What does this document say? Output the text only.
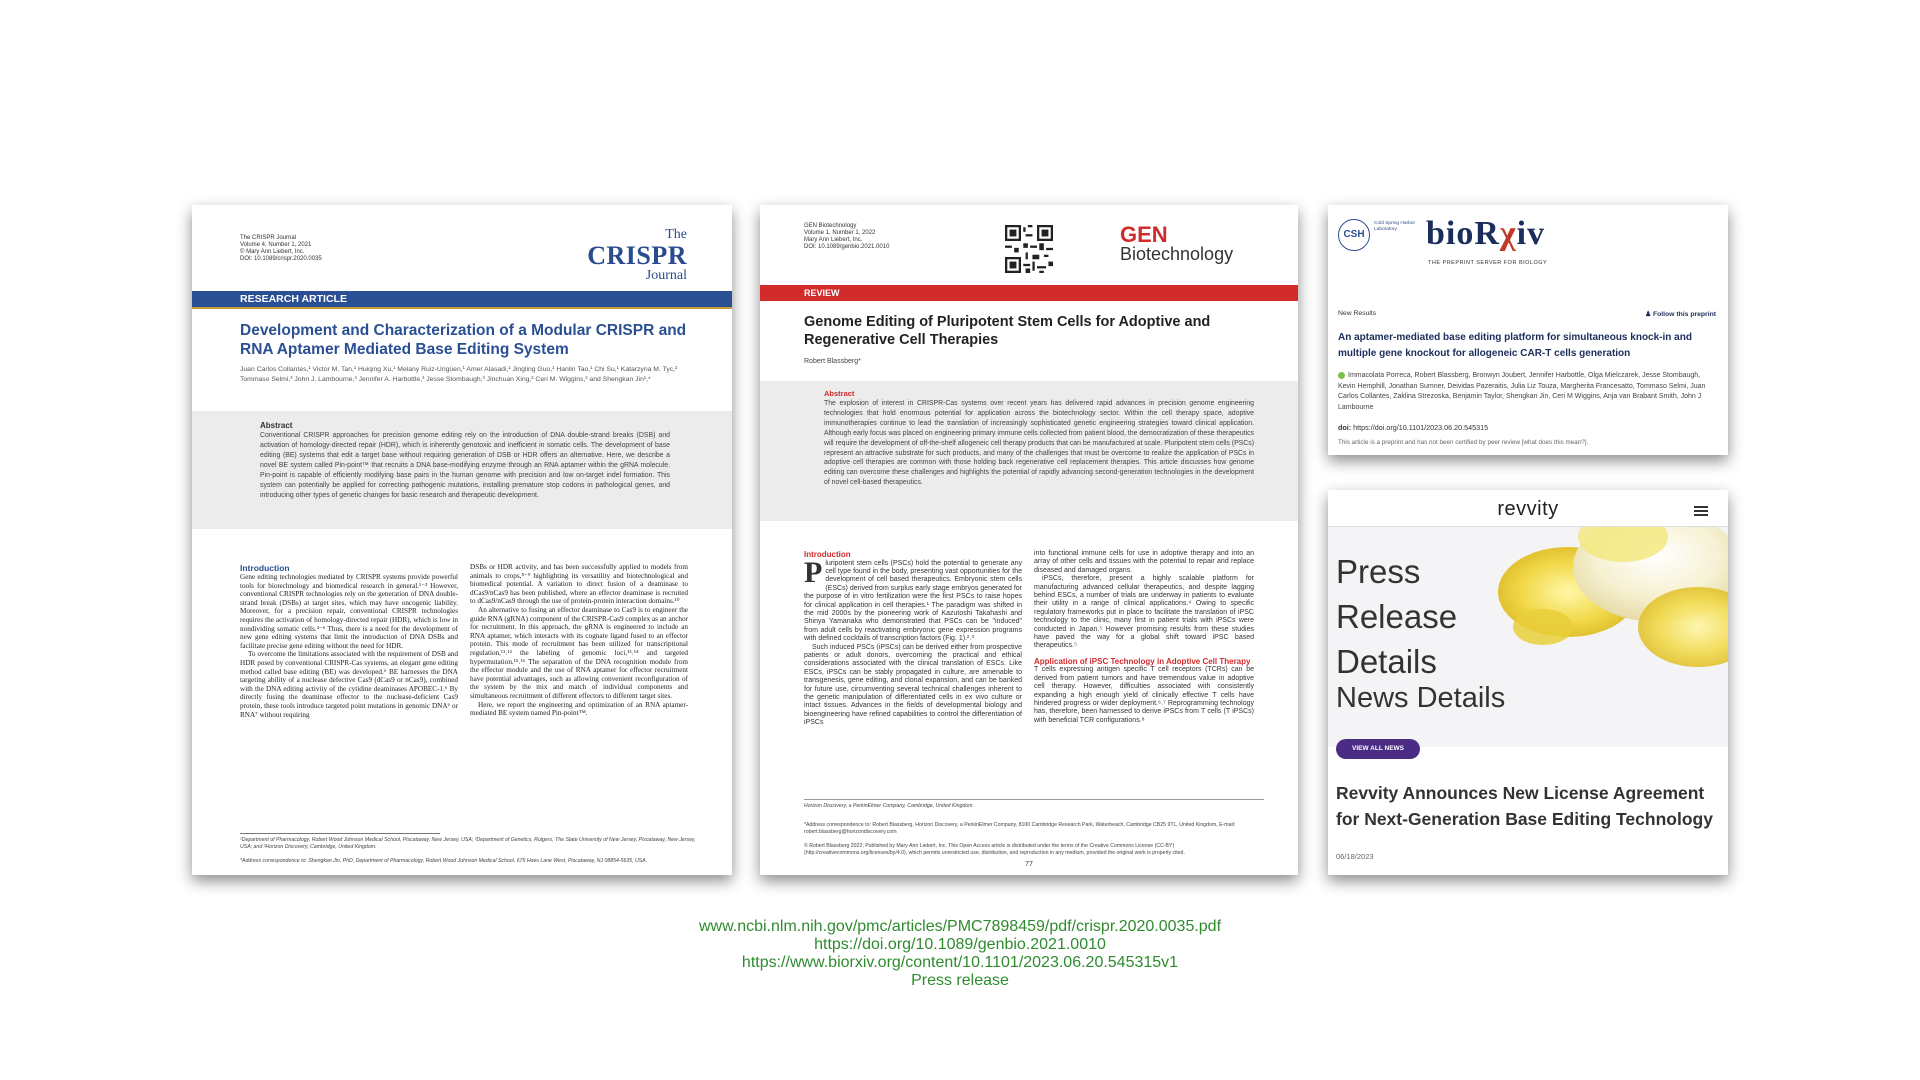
The CRISPR Journal
Volume 4, Number 1, 2021
© Mary Ann Liebert, Inc.
DOI: 10.1089/crispr.2020.0035
The
CRISPR
Journal
RESEARCH ARTICLE
Development and Characterization of a Modular CRISPR and RNA Aptamer Mediated Base Editing System
Juan Carlos Collantes,¹ Victor M. Tan,¹ Huiqing Xu,¹ Melany Ruiz-Urigüen,¹ Amer Alasadi,¹ Jingling Guo,¹ Hanlin Tao,¹ Chi Su,¹ Katarzyna M. Tyc,² Tommaso Selmi,³ John J. Lambourne,³ Jennifer A. Harbottle,³ Jesse Stombaugh,³ Jinchuan Xing,² Ceri M. Wiggins,³ and Shengkan Jin¹,*
Abstract
Conventional CRISPR approaches for precision genome editing rely on the introduction of DNA double-strand breaks (DSB) and activation of homology-directed repair (HDR), which is inherently genotoxic and inefficient in somatic cells. The development of base editing (BE) systems that edit a target base without requiring generation of DSB or HDR offers an alternative. Here, we describe a novel BE system called Pin-point™ that recruits a DNA base-modifying enzyme through an RNA aptamer within the gRNA molecule. Pin-point is capable of efficiently modifying base pairs in the human genome with precision and low on-target indel formation. This system can potentially be applied for correcting pathogenic mutations, installing premature stop codons in pathological genes, and introducing other types of genetic changes for basic research and therapeutic development.
Introduction
Gene editing technologies mediated by CRISPR systems provide powerful tools for biotechnology and biomedical research in general.¹⁻³ However, conventional CRISPR technologies rely on the generation of DNA double-strand break (DSBs) at target sites, which may have oncogenic liability. Moreover, for a precision repair, conventional CRISPR technologies requires the activation of homology-directed repair (HDR), which is low in nondividing somatic cells.⁴⁻⁶ Thus, there is a need for the development of new gene editing systems that limit the introduction of DNA DSBs and facilitate precise gene editing without the need for HDR.
To overcome the limitations associated with the requirement of DSB and HDR posed by conventional CRISPR-Cas systems, an elegant gene editing method called base editing (BE) was developed.⁶ BE harnesses the DNA targeting ability of a nuclease defective Cas9 (dCas9 or nCas9), combined with the DNA editing activity of the cytidine deaminases APOBEC-1.⁶ By directly fusing the deaminase effector to the nuclease-deficient Cas9 protein, these tools introduce targeted point mutations in genomic DNA⁶ or RNA⁷ without requiring
DSBs or HDR activity, and has been successfully applied to models from animals to crops,⁸⁻⁹ highlighting its versatility and biotechnological and biomedical potential. A variation to direct fusion of a deaminase to dCas9/nCas9 has been published, where an effector deaminase is recruited to dCas9/nCas9 through the use of protein-protein interaction domains.¹⁰
An alternative to fusing an effector deaminase to Cas9 is to engineer the guide RNA (gRNA) component of the CRISPR-Cas9 complex as an anchor for recruitment. In this approach, the gRNA is engineered to include an RNA aptamer, which interacts with its cognate ligand fused to an effector protein. This mode of recruitment has been utilized for transcriptional regulation,¹¹˒¹² the labeling of genomic loci,¹³˒¹⁴ and targeted hypermutation.¹⁵˒¹⁶ The separation of the DNA recognition module from the effector module and the use of RNA aptamer for effector recruitment have potential advantages, such as allowing convenient reconfiguration of the system by the mix and match of individual components and simultaneous recruitment of different effectors to different target sites.
Here, we report the engineering and optimization of an RNA aptamer-mediated BE system named Pin-point™.
¹Department of Pharmacology, Robert Wood Johnson Medical School, Piscataway, New Jersey, USA; ²Department of Genetics, Rutgers, The State University of New Jersey, Piscataway, New Jersey, USA; and ³Horizon Discovery, Cambridge, United Kingdom.
*Address correspondence to: Shengkan Jin, PhD, Department of Pharmacology, Robert Wood Johnson Medical School, 675 Hoes Lane West, Piscataway, NJ 08854-5635, USA.
GEN Biotechnology
Volume 1, Number 1, 2022
Mary Ann Liebert, Inc.
DOI: 10.1089/genbio.2021.0010	GEN
Biotechnology
REVIEW
Genome Editing of Pluripotent Stem Cells for Adoptive and Regenerative Cell Therapies
Robert Blassberg*
Abstract
The explosion of interest in CRISPR-Cas systems over recent years has delivered rapid advances in precision genome engineering technologies that hold enormous potential for application across the biotechnology sector. Within the cell therapy space, adoptive immunotherapies continue to lead the translation of increasingly sophisticated genetic engineering strategies toward clinical application. Although early focus was placed on engineering primary immune cells collected from patient blood, the democratization of these therapeutics will require the development of off-the-shelf allogeneic cell therapy products that can be manufactured at scale. Pluripotent stem cells (PSCs) represent an attractive substrate for such products, and many of the challenges that must be overcome to realize the application of PSCs in adoptive cell therapies are common with those holding back regenerative cell replacement therapies. This article discusses how genome editing can overcome these challenges and highlights the potential of rapidly advancing second-generation technologies in the development of novel cell-based therapeutics.
Introduction
P luripotent stem cells (PSCs) hold the potential to generate any cell type found in the body, presenting vast opportunities for the development of cell based therapeutics. Embryonic stem cells (ESCs) derived from surplus early stage embryos generated for the purpose of in vitro fertilization were the first PSCs to raise hopes for clinical application in cell therapies.¹ The paradigm was shifted in the mid 2000s by the pioneering work of Kazutoshi Takahashi and Shinya Yamanaka who demonstrated that PSCs can be "induced" from adult cells by reactivating embryonic gene expression programs with defined cocktails of transcription factors (Fig. 1).²˒³
Such induced PSCs (iPSCs) can be derived either from prospective patients or adult donors, overcoming the practical and ethical considerations associated with the clinical translation of ESCs. Like ESCs, iPSCs can be stably propagated in culture, are amenable to transgenesis, gene editing, and clonal expansion, and can be banked for future use, circumventing several technical challenges inherent to the genetic manipulation of differentiated cells in ex vivo culture or intact tissues. Advances in the fields of developmental biology and bioengineering have refined capabilities to control the differentiation of iPSCs
into functional immune cells for use in adoptive therapy and into an array of other cells and tissues with the potential to repair and replace diseased and damaged organs.
iPSCs, therefore, present a highly scalable platform for manufacturing advanced cellular therapeutics, and despite lagging behind ESCs, a number of trials are underway in patients to evaluate their utility in a range of clinical applications.⁴ Owing to specific regulatory frameworks put in place to facilitate the translation of iPSC technology to the clinic, many first in patient trials with iPSCs were conducted in Japan.⁵ However promising results from these studies have paved the way for a global shift toward iPSC based therapeutics.⁵
Application of iPSC Technology in Adoptive Cell Therapy
T cells expressing antigen specific T cell receptors (TCRs) can be derived from patient tumors and have tremendous value in adoptive cell therapy. However, difficulties associated with consistently expanding a high enough yield of clinically effective T cells have hindered progress or wider deployment.⁶˒⁷ Reprogramming technology has, therefore, been harnessed to derive iPSCs from T cells (T iPSCs) with beneficial TCR configurations.⁸
Horizon Discovery, a PerkinElmer Company, Cambridge, United Kingdom.
*Address correspondence to: Robert Blassberg, Horizon Discovery, a PerkinElmer Company, 8100 Cambridge Research Park, Waterbeach, Cambridge CB25 9TL, United Kingdom, E-mail: robert.blassberg@horizondiscovery.com
© Robert Blassberg 2022; Published by Mary Ann Liebert, Inc. This Open Access article is distributed under the terms of the Creative Commons License (CC-BY) (http://creativecommons.org/licenses/by/4.0), which permits unrestricted use, distribution, and reproduction in any medium, provided the original work is properly cited.
77
CSH
Cold Spring Harbor Laboratory bioRχiv
THE PREPRINT SERVER FOR BIOLOGY
New Results	♟ Follow this preprint
An aptamer-mediated base editing platform for simultaneous knock-in and multiple gene knockout for allogeneic CAR-T cells generation
Immacolata Porreca, Robert Blassberg, Bronwyn Joubert, Jennifer Harbottle, Olga Mielczarek, Jesse Stombaugh, Kevin Hemphill, Jonathan Sumner, Deividas Pazeraitis, Julia Liz Touza, Margherita Francesatto, Tommaso Selmi, Juan Carlos Collantes, Zaklina Strezoska, Benjamin Taylor, Shengkan Jin, Ceri M Wiggins, Anja van Brabant Smith, John J Lambourne
doi: https://doi.org/10.1101/2023.06.20.545315
This article is a preprint and has not been certified by peer review [what does this mean?].
revvity
Press
Release
Details
News Details
VIEW ALL NEWS
Revvity Announces New License Agreement for Next-Generation Base Editing Technology
06/18/2023
www.ncbi.nlm.nih.gov/pmc/articles/PMC7898459/pdf/crispr.2020.0035.pdf
https://doi.org/10.1089/genbio.2021.0010
https://www.biorxiv.org/content/10.1101/2023.06.20.545315v1
Press release
